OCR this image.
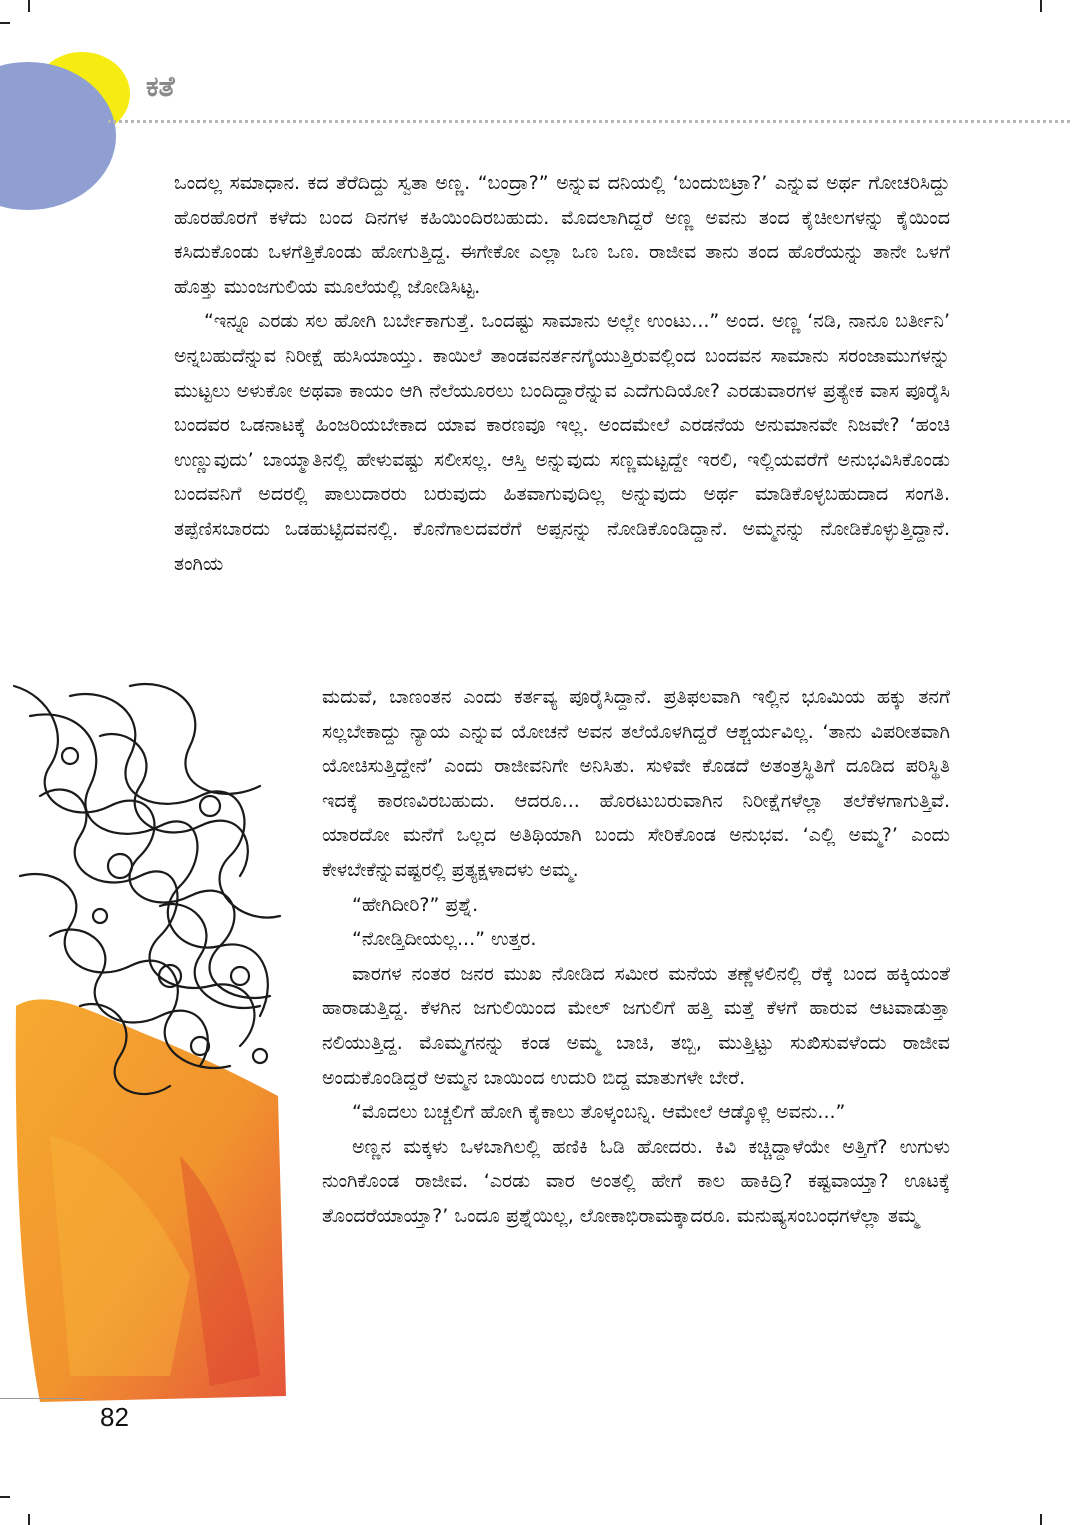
ಕತೆ

ಒಂದಲ್ಲ ಸಮಾಧಾನ. ಕದ ತೆರೆದಿದ್ದು ಸ್ವತಾ ಅಣ್ಣ. “ಬಂದ್ರಾ?” ಅನ್ನುವ ದನಿಯಲ್ಲಿ ‘ಬಂದುಬಿಟ್ರಾ?’ ಎನ್ನುವ ಅರ್ಥ ಗೋಚರಿಸಿದ್ದು ಹೊರಹೊರಗೆ ಕಳೆದು ಬಂದ ದಿನಗಳ ಕಹಿಯಿಂದಿರಬಹುದು. ಮೊದಲಾಗಿದ್ದರೆ ಅಣ್ಣ ಅವನು ತಂದ ಕೈಚೀಲಗಳನ್ನು ಕೈಯಿಂದ ಕಸಿದುಕೊಂಡು ಒಳಗೆತ್ತಿಕೊಂಡು ಹೋಗುತ್ತಿದ್ದ. ಈಗೇಕೋ ಎಲ್ಲಾ ಒಣ ಒಣ. ರಾಜೀವ ತಾನು ತಂದ ಹೊರೆಯನ್ನು ತಾನೇ ಒಳಗೆ ಹೊತ್ತು ಮುಂಜಗುಲಿಯ ಮೂಲೆಯಲ್ಲಿ ಜೋಡಿಸಿಟ್ಟ.

“ಇನ್ನೂ ಎರಡು ಸಲ ಹೋಗಿ ಬರ್ಬೇಕಾಗುತ್ತೆ. ಒಂದಷ್ಟು ಸಾಮಾನು ಅಲ್ಲೇ ಉಂಟು...” ಅಂದ. ಅಣ್ಣ ‘ನಡಿ, ನಾನೂ ಬರ್ತೀನಿ’ ಅನ್ನಬಹುದೆನ್ನುವ ನಿರೀಕ್ಷೆ ಹುಸಿಯಾಯ್ತು. ಕಾಯಿಲೆ ತಾಂಡವನರ್ತನಗೈಯುತ್ತಿರುವಲ್ಲಿಂದ ಬಂದವನ ಸಾಮಾನು ಸರಂಜಾಮುಗಳನ್ನು ಮುಟ್ಟಲು ಅಳುಕೋ ಅಥವಾ ಕಾಯಂ ಆಗಿ ನೆಲೆಯೂರಲು ಬಂದಿದ್ದಾರೆನ್ನುವ ಎದೆಗುದಿಯೋ? ಎರಡುವಾರಗಳ ಪ್ರತ್ಯೇಕ ವಾಸ ಪೂರೈಸಿ ಬಂದವರ ಒಡನಾಟಕ್ಕೆ ಹಿಂಜರಿಯಬೇಕಾದ ಯಾವ ಕಾರಣವೂ ಇಲ್ಲ. ಅಂದಮೇಲೆ ಎರಡನೆಯ ಅನುಮಾನವೇ ನಿಜವೇ? ‘ಹಂಚಿ ಉಣ್ಣುವುದು’ ಬಾಯ್ಮಾತಿನಲ್ಲಿ ಹೇಳುವಷ್ಟು ಸಲೀಸಲ್ಲ. ಆಸ್ತಿ ಅನ್ನುವುದು ಸಣ್ಣಮಟ್ಟದ್ದೇ ಇರಲಿ, ಇಲ್ಲಿಯವರೆಗೆ ಅನುಭವಿಸಿಕೊಂಡು ಬಂದವನಿಗೆ ಅದರಲ್ಲಿ ಪಾಲುದಾರರು ಬರುವುದು ಹಿತವಾಗುವುದಿಲ್ಲ ಅನ್ನುವುದು ಅರ್ಥ ಮಾಡಿಕೊಳ್ಳಬಹುದಾದ ಸಂಗತಿ. ತಪ್ಪೆಣಿಸಬಾರದು ಒಡಹುಟ್ಟಿದವನಲ್ಲಿ. ಕೊನೆಗಾಲದವರೆಗೆ ಅಪ್ಪನನ್ನು ನೋಡಿಕೊಂಡಿದ್ದಾನೆ. ಅಮ್ಮನನ್ನು ನೋಡಿಕೊಳ್ಳುತ್ತಿದ್ದಾನೆ. ತಂಗಿಯ

ಮದುವೆ, ಬಾಣಂತನ ಎಂದು ಕರ್ತವ್ಯ ಪೂರೈಸಿದ್ದಾನೆ. ಪ್ರತಿಫಲವಾಗಿ ಇಲ್ಲಿನ ಭೂಮಿಯ ಹಕ್ಕು ತನಗೆ ಸಲ್ಲಬೇಕಾದ್ದು ನ್ಯಾಯ ಎನ್ನುವ ಯೋಚನೆ ಅವನ ತಲೆಯೊಳಗಿದ್ದರೆ ಆಶ್ಚರ್ಯವಿಲ್ಲ. ‘ತಾನು ವಿಪರೀತವಾಗಿ ಯೋಚಿಸುತ್ತಿದ್ದೇನೆ’ ಎಂದು ರಾಜೀವನಿಗೇ ಅನಿಸಿತು. ಸುಳಿವೇ ಕೊಡದೆ ಅತಂತ್ರಸ್ಥಿತಿಗೆ ದೂಡಿದ ಪರಿಸ್ಥಿತಿ ಇದಕ್ಕೆ ಕಾರಣವಿರಬಹುದು. ಆದರೂ... ಹೊರಟುಬರುವಾಗಿನ ನಿರೀಕ್ಷೆಗಳೆಲ್ಲಾ ತಲೆಕೆಳಗಾಗುತ್ತಿವೆ. ಯಾರದೋ ಮನೆಗೆ ಒಲ್ಲದ ಅತಿಥಿಯಾಗಿ ಬಂದು ಸೇರಿಕೊಂಡ ಅನುಭವ. ‘ಎಲ್ಲಿ ಅಮ್ಮ?’ ಎಂದು ಕೇಳಬೇಕೆನ್ನುವಷ್ಟರಲ್ಲಿ ಪ್ರತ್ಯಕ್ಷಳಾದಳು ಅಮ್ಮ.

“ಹೇಗಿದೀರಿ?” ಪ್ರಶ್ನೆ.

“ನೋಡ್ತಿದೀಯಲ್ಲ...” ಉತ್ತರ.

ವಾರಗಳ ನಂತರ ಜನರ ಮುಖ ನೋಡಿದ ಸಮೀರ ಮನೆಯ ತಣ್ಣೆಳಲಿನಲ್ಲಿ ರೆಕ್ಕೆ ಬಂದ ಹಕ್ಕಿಯಂತೆ ಹಾರಾಡುತ್ತಿದ್ದ. ಕೆಳಗಿನ ಜಗುಲಿಯಿಂದ ಮೇಲ್ ಜಗುಲಿಗೆ ಹತ್ತಿ ಮತ್ತೆ ಕೆಳಗೆ ಹಾರುವ ಆಟವಾಡುತ್ತಾ ನಲಿಯುತ್ತಿದ್ದ. ಮೊಮ್ಮಗನನ್ನು ಕಂಡ ಅಮ್ಮ ಬಾಚಿ, ತಬ್ಬಿ, ಮುತ್ತಿಟ್ಟು ಸುಖಿಸುವಳೆಂದು ರಾಜೀವ ಅಂದುಕೊಂಡಿದ್ದರೆ ಅಮ್ಮನ ಬಾಯಿಂದ ಉದುರಿ ಬಿದ್ದ ಮಾತುಗಳೇ ಬೇರೆ.

“ಮೊದಲು ಬಚ್ಚಲಿಗೆ ಹೋಗಿ ಕೈಕಾಲು ತೊಳ್ಕಂಬನ್ನಿ. ಆಮೇಲೆ ಆಡ್ಕೊಳ್ಲಿ ಅವನು...”

ಅಣ್ಣನ ಮಕ್ಕಳು ಒಳಬಾಗಿಲಲ್ಲಿ ಹಣಿಕಿ ಓಡಿ ಹೋದರು. ಕಿವಿ ಕಚ್ಚಿದ್ದಾಳೆಯೇ ಅತ್ತಿಗೆ? ಉಗುಳು ನುಂಗಿಕೊಂಡ ರಾಜೀವ. ‘ಎರಡು ವಾರ ಅಂತಲ್ಲಿ ಹೇಗೆ ಕಾಲ ಹಾಕಿದ್ರಿ? ಕಷ್ಟವಾಯ್ತಾ? ಊಟಕ್ಕೆ ತೊಂದರೆಯಾಯ್ತಾ?’ ಒಂದೂ ಪ್ರಶ್ನೆಯಿಲ್ಲ, ಲೋಕಾಭಿರಾಮಕ್ಕಾದರೂ. ಮನುಷ್ಯಸಂಬಂಧಗಳೆಲ್ಲಾ ತಮ್ಮ

82
